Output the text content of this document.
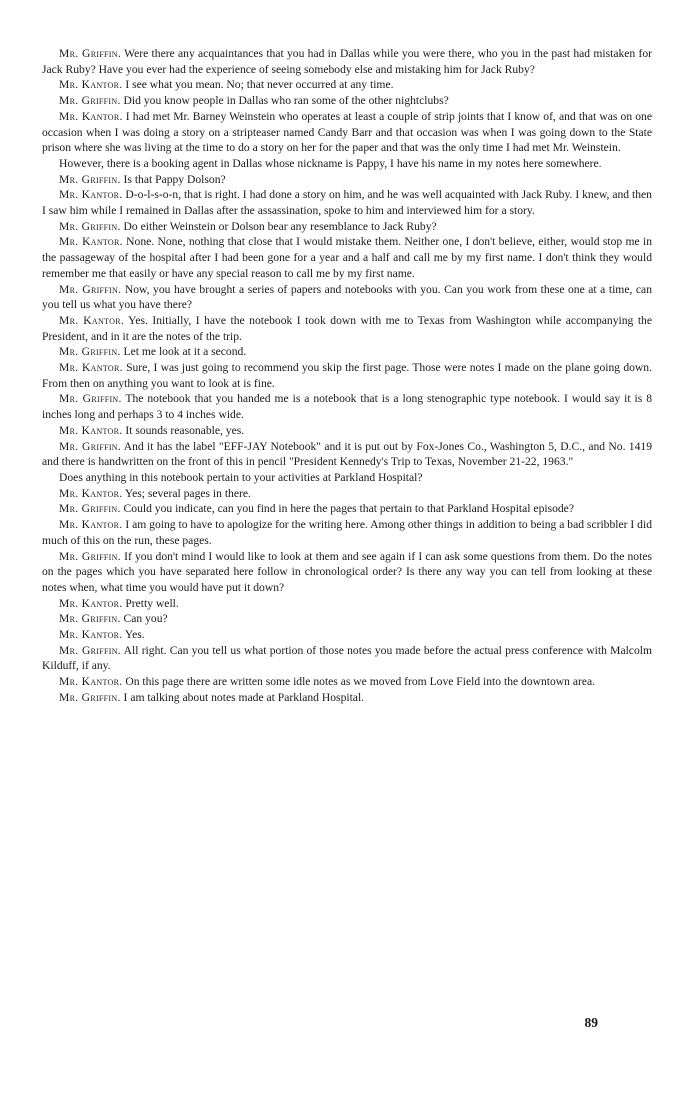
Mr. Griffin. Were there any acquaintances that you had in Dallas while you were there, who you in the past had mistaken for Jack Ruby? Have you ever had the experience of seeing somebody else and mistaking him for Jack Ruby?

Mr. Kantor. I see what you mean. No; that never occurred at any time.

Mr. Griffin. Did you know people in Dallas who ran some of the other nightclubs?

Mr. Kantor. I had met Mr. Barney Weinstein who operates at least a couple of strip joints that I know of, and that was on one occasion when I was doing a story on a stripteaser named Candy Barr and that occasion was when I was going down to the State prison where she was living at the time to do a story on her for the paper and that was the only time I had met Mr. Weinstein.

However, there is a booking agent in Dallas whose nickname is Pappy, I have his name in my notes here somewhere.

Mr. Griffin. Is that Pappy Dolson?

Mr. Kantor. D-o-l-s-o-n, that is right. I had done a story on him, and he was well acquainted with Jack Ruby. I knew, and then I saw him while I remained in Dallas after the assassination, spoke to him and interviewed him for a story.

Mr. Griffin. Do either Weinstein or Dolson bear any resemblance to Jack Ruby?

Mr. Kantor. None. None, nothing that close that I would mistake them. Neither one, I don't believe, either, would stop me in the passageway of the hospital after I had been gone for a year and a half and call me by my first name. I don't think they would remember me that easily or have any special reason to call me by my first name.

Mr. Griffin. Now, you have brought a series of papers and notebooks with you. Can you work from these one at a time, can you tell us what you have there?

Mr. Kantor. Yes. Initially, I have the notebook I took down with me to Texas from Washington while accompanying the President, and in it are the notes of the trip.

Mr. Griffin. Let me look at it a second.

Mr. Kantor. Sure, I was just going to recommend you skip the first page. Those were notes I made on the plane going down. From then on anything you want to look at is fine.

Mr. Griffin. The notebook that you handed me is a notebook that is a long stenographic type notebook. I would say it is 8 inches long and perhaps 3 to 4 inches wide.

Mr. Kantor. It sounds reasonable, yes.

Mr. Griffin. And it has the label "EFF-JAY Notebook" and it is put out by Fox-Jones Co., Washington 5, D.C., and No. 1419 and there is handwritten on the front of this in pencil "President Kennedy's Trip to Texas, November 21-22, 1963."

Does anything in this notebook pertain to your activities at Parkland Hospital?

Mr. Kantor. Yes; several pages in there.

Mr. Griffin. Could you indicate, can you find in here the pages that pertain to that Parkland Hospital episode?

Mr. Kantor. I am going to have to apologize for the writing here. Among other things in addition to being a bad scribbler I did much of this on the run, these pages.

Mr. Griffin. If you don't mind I would like to look at them and see again if I can ask some questions from them. Do the notes on the pages which you have separated here follow in chronological order? Is there any way you can tell from looking at these notes when, what time you would have put it down?

Mr. Kantor. Pretty well.

Mr. Griffin. Can you?

Mr. Kantor. Yes.

Mr. Griffin. All right. Can you tell us what portion of those notes you made before the actual press conference with Malcolm Kilduff, if any.

Mr. Kantor. On this page there are written some idle notes as we moved from Love Field into the downtown area.

Mr. Griffin. I am talking about notes made at Parkland Hospital.

89
